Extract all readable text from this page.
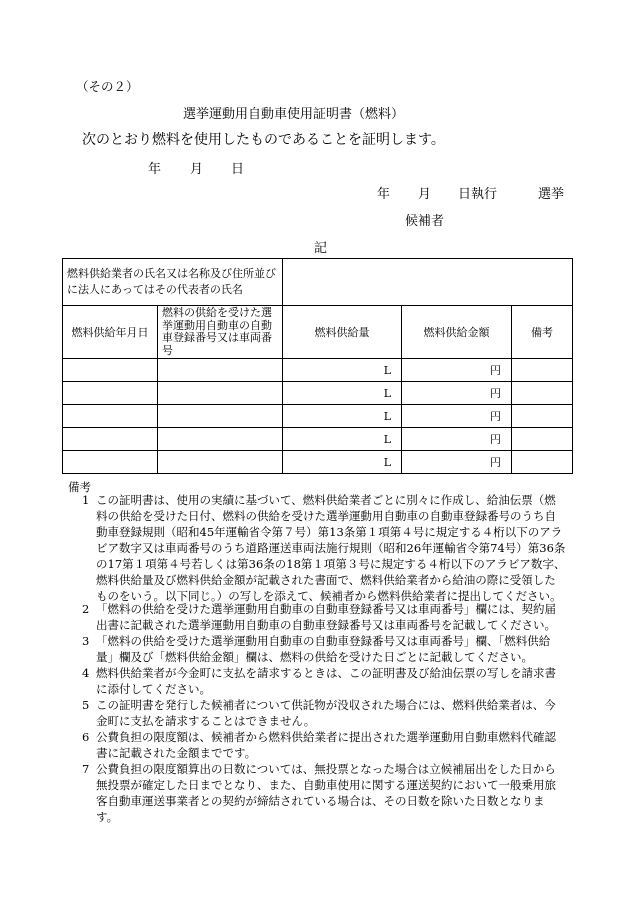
（その２）
選挙運動用自動車使用証明書（燃料）
次のとおり燃料を使用したものであることを証明します。
年 月 日
年 月 日執行	選挙
候補者
記
燃料供給業者の氏名又は名称及び住所並びに法人にあってはその代表者の氏名				
燃料供給年月日	燃料の供給を受けた選挙運動用自動車の自動車登録番号又は車両番号	燃料供給量	燃料供給金額	備考

		L	円	

		L	円	

		L	円	

		L	円	

		L	円	

備考
1 この証明書は、使用の実績に基づいて、燃料供給業者ごとに別々に作成し、給油伝票（燃料の供給を受けた日付、燃料の供給を受けた選挙運動用自動車の自動車登録番号のうち自動車登録規則（昭和45年運輸省令第７号）第13条第１項第４号に規定する４桁以下のアラビア数字又は車両番号のうち道路運送車両法施行規則（昭和26年運輸省令第74号）第36条の17第１項第４号若しくは第36条の18第１項第３号に規定する４桁以下のアラビア数字、燃料供給量及び燃料供給金額が記載された書面で、燃料供給業者から給油の際に受領したものをいう。以下同じ。）の写しを添えて、候補者から燃料供給業者に提出してください。
2 「燃料の供給を受けた選挙運動用自動車の自動車登録番号又は車両番号」欄には、契約届出書に記載された選挙運動用自動車の自動車登録番号又は車両番号を記載してください。
3 「燃料の供給を受けた選挙運動用自動車の自動車登録番号又は車両番号」欄、「燃料供給量」欄及び「燃料供給金額」欄は、燃料の供給を受けた日ごとに記載してください。
4 燃料供給業者が今金町に支払を請求するときは、この証明書及び給油伝票の写しを請求書に添付してください。
5 この証明書を発行した候補者について供託物が没収された場合には、燃料供給業者は、今金町に支払を請求することはできません。
6 公費負担の限度額は、候補者から燃料供給業者に提出された選挙運動用自動車燃料代確認書に記載された金額までです。
7 公費負担の限度額算出の日数については、無投票となった場合は立候補届出をした日から無投票が確定した日までとなり、また、自動車使用に関する運送契約において一般乗用旅客自動車運送事業者との契約が締結されている場合は、その日数を除いた日数となります。
